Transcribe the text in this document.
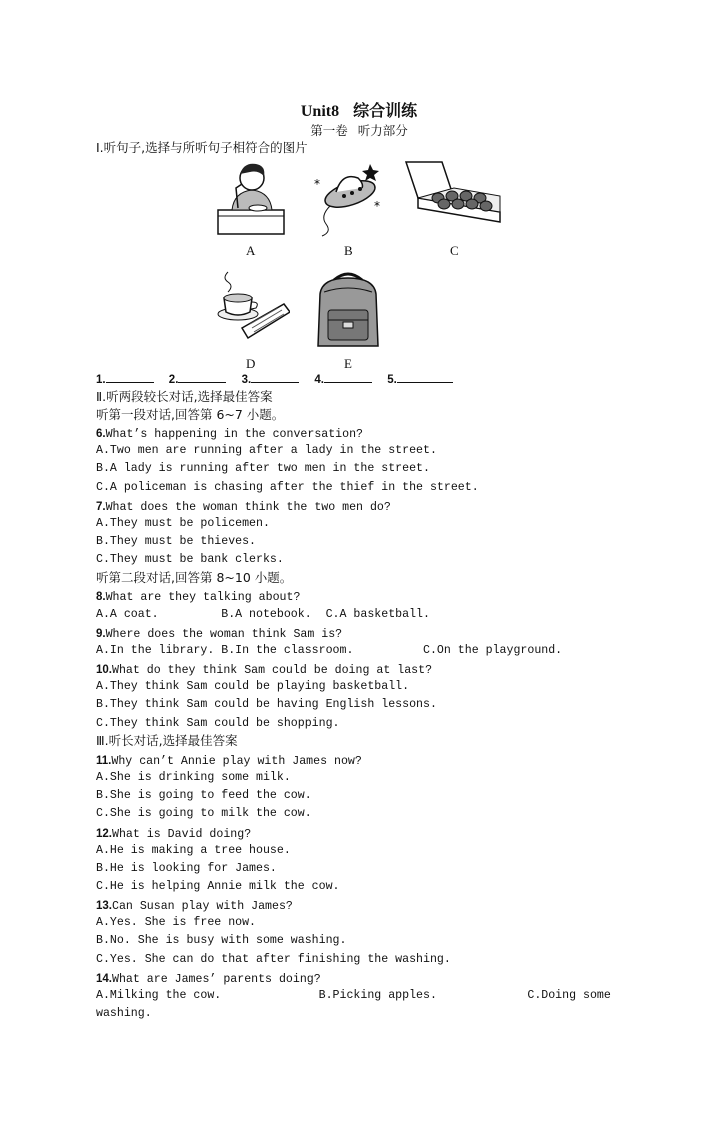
Unit8 综合训练
第一卷 听力部分
Ⅰ.听句子,选择与所听句子相符合的图片
A
*
*
B	C
D	E
1.	2.	3.	4.	5.
Ⅱ.听两段较长对话,选择最佳答案
听第一段对话,回答第 6~7 小题。
6.What’s happening in the conversation?
A.Two men are running after a lady in the street.
B.A lady is running after two men in the street.
C.A policeman is chasing after the thief in the street.
7.What does the woman think the two men do?
A.They must be policemen.
B.They must be thieves.
C.They must be bank clerks.
听第二段对话,回答第 8~10 小题。
8.What are they talking about?
A.A coat.         B.A notebook.  C.A basketball.
9.Where does the woman think Sam is?
A.In the library. B.In the classroom.          C.On the playground.
10.What do they think Sam could be doing at last?
A.They think Sam could be playing basketball.
B.They think Sam could be having English lessons.
C.They think Sam could be shopping.
Ⅲ.听长对话,选择最佳答案
11.Why can’t Annie play with James now?
A.She is drinking some milk.
B.She is going to feed the cow.
C.She is going to milk the cow.
12.What is David doing?
A.He is making a tree house.
B.He is looking for James.
C.He is helping Annie milk the cow.
13.Can Susan play with James?
A.Yes. She is free now.
B.No. She is busy with some washing.
C.Yes. She can do that after finishing the washing.
14.What are James’ parents doing?
A.Milking the cow.              B.Picking apples.             C.Doing some
washing.
